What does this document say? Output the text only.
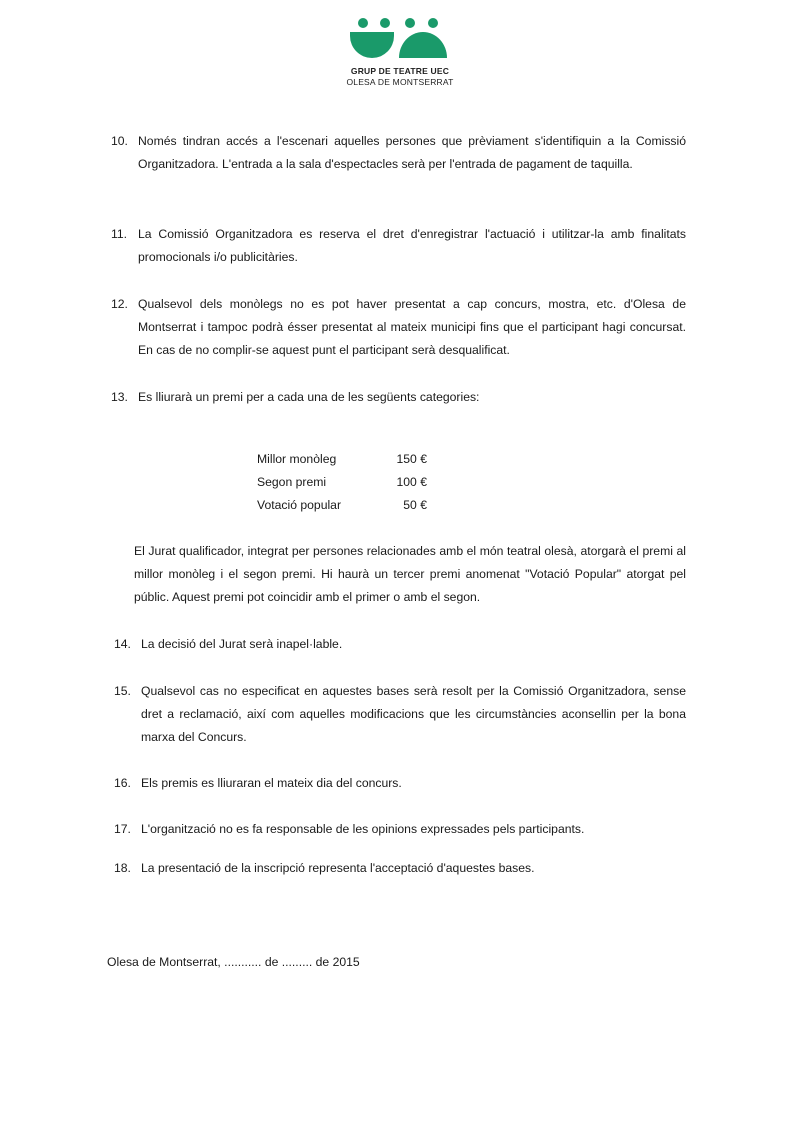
GRUP DE TEATRE UEC
OLESA DE MONTSERRAT
10. Només tindran accés a l'escenari aquelles persones que prèviament s'identifiquin a la Comissió Organitzadora. L'entrada a la sala d'espectacles serà per l'entrada de pagament de taquilla.
11. La Comissió Organitzadora es reserva el dret d'enregistrar l'actuació i utilitzar-la amb finalitats promocionals i/o publicitàries.
12. Qualsevol dels monòlegs no es pot haver presentat a cap concurs, mostra, etc. d'Olesa de Montserrat i tampoc podrà ésser presentat al mateix municipi fins que el participant hagi concursat. En cas de no complir-se aquest punt el participant serà desqualificat.
13. Es lliurarà un premi per a cada una de les següents categories:
Millor monòleg	150 €
Segon premi	100 €
Votació popular	50 €
El Jurat qualificador, integrat per persones relacionades amb el món teatral olesà, atorgarà el premi al millor monòleg i el segon premi. Hi haurà un tercer premi anomenat "Votació Popular" atorgat pel públic. Aquest premi pot coincidir amb el primer o amb el segon.
14. La decisió del Jurat serà inapel·lable.
15. Qualsevol cas no especificat en aquestes bases serà resolt per la Comissió Organitzadora, sense dret a reclamació, així com aquelles modificacions que les circumstàncies aconsellin per la bona marxa del Concurs.
16. Els premis es lliuraran el mateix dia del concurs.
17. L'organització no es fa responsable de les opinions expressades pels participants.
18. La presentació de la inscripció representa l'acceptació d'aquestes bases.
Olesa de Montserrat, ........... de ......... de 2015
